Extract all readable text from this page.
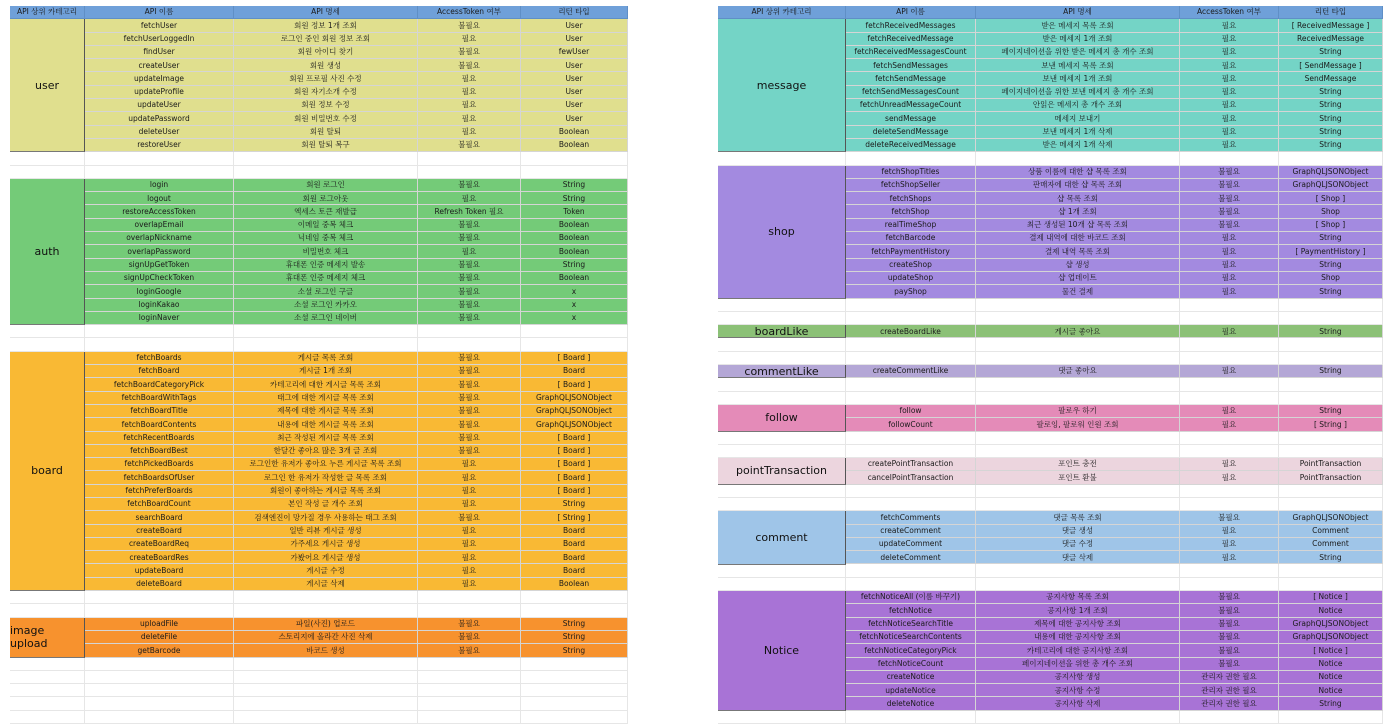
API 상위 카테고리	API 이름	API 명세	AccessToken 여부	리턴 타입
fetchUser	회원 정보 1개 조회	불필요	User
fetchUserLoggedIn	로그인 중인 회원 정보 조회	필요	User
findUser	회원 아이디 찾기	불필요	fewUser
createUser	회원 생성	불필요	User
updateImage	회원 프로필 사진 수정	필요	User
updateProfile	회원 자기소개 수정	필요	User
updateUser	회원 정보 수정	필요	User
updatePassword	회원 비밀번호 수정	필요	User
deleteUser	회원 탈퇴	필요	Boolean
restoreUser	회원 탈퇴 복구	불필요	Boolean
user
login	회원 로그인	불필요	String
logout	회원 로그아웃	필요	String
restoreAccessToken	엑세스 토큰 재발급	Refresh Token 필요	Token
overlapEmail	이메일 중복 체크	불필요	Boolean
overlapNickname	닉네임 중복 체크	불필요	Boolean
overlapPassword	비밀번호 체크	필요	Boolean
signUpGetToken	휴대폰 인증 메세지 발송	불필요	String
signUpCheckToken	휴대폰 인증 메세지 체크	불필요	Boolean
loginGoogle	소셜 로그인 구글	불필요	x
loginKakao	소셜 로그인 카카오	불필요	x
loginNaver	소셜 로그인 네이버	불필요	x
auth
fetchBoards	게시글 목록 조회	불필요	[ Board ]
fetchBoard	게시글 1개 조회	불필요	Board
fetchBoardCategoryPick	카테고리에 대한 게시글 목록 조회	불필요	[ Board ]
fetchBoardWithTags	태그에 대한 게시글 목록 조회	불필요	GraphQLJSONObject
fetchBoardTitle	제목에 대한 게시글 목록 조회	불필요	GraphQLJSONObject
fetchBoardContents	내용에 대한 게시글 목록 조회	불필요	GraphQLJSONObject
fetchRecentBoards	최근 작성된 게시글 목록 조회	불필요	[ Board ]
fetchBoardBest	한달간 좋아요 많은 3개 글 조회	불필요	[ Board ]
fetchPickedBoards	로그인한 유저가 좋아요 누른 게시글 목록 조회	필요	[ Board ]
fetchBoardsOfUser	로그인 한 유저가 작성한 글 목록 조회	필요	[ Board ]
fetchPreferBoards	회원이 좋아하는 게시글 목록 조회	필요	[ Board ]
fetchBoardCount	본인 작성 글 개수 조회	필요	String
searchBoard	검색엔진이 망가질 경우 사용하는 태그 조회	불필요	[ String ]
createBoard	일반 리뷰 게시글 생성	필요	Board
createBoardReq	가주세요 게시글 생성	필요	Board
createBoardRes	가봤어요 게시글 생성	필요	Board
updateBoard	게시글 수정	필요	Board
deleteBoard	게시글 삭제	필요	Boolean
board
uploadFile	파일(사진) 업로드	불필요	String
deleteFile	스토리지에 올라간 사진 삭제	불필요	String
getBarcode	바코드 생성	불필요	String
image upload
API 상위 카테고리	API 이름	API 명세	AccessToken 여부	리턴 타입
fetchReceivedMessages	받은 메세지 목록 조회	필요	[ ReceivedMessage ]
fetchReceivedMessage	받은 메세지 1개 조회	필요	ReceivedMessage
fetchReceivedMessagesCount	페이지네이션을 위한 받은 메세지 총 개수 조회	필요	String
fetchSendMessages	보낸 메세지 목록 조회	필요	[ SendMessage ]
fetchSendMessage	보낸 메세지 1개 조회	필요	SendMessage
fetchSendMessagesCount	페이지네이션을 위한 보낸 메세지 총 개수 조회	필요	String
fetchUnreadMessageCount	안읽은 메세지 총 개수 조회	필요	String
sendMessage	메세지 보내기	필요	String
deleteSendMessage	보낸 메세지 1개 삭제	필요	String
deleteReceivedMessage	받은 메세지 1개 삭제	필요	String
message
fetchShopTitles	상품 이름에 대한 샵 목록 조회	불필요	GraphQLJSONObject
fetchShopSeller	판매자에 대한 샵 목록 조회	불필요	GraphQLJSONObject
fetchShops	샵 목록 조회	불필요	[ Shop ]
fetchShop	샵 1개 조회	불필요	Shop
realTimeShop	최근 생성된 10개 샵 목록 조회	불필요	[ Shop ]
fetchBarcode	결제 내역에 대한 바코드 조회	필요	String
fetchPaymentHistory	결제 내역 목록 조회	필요	[ PaymentHistory ]
createShop	샵 생성	필요	String
updateShop	샵 업데이트	필요	Shop
payShop	물건 결제	필요	String
shop
createBoardLike	게시글 좋아요	필요	String
boardLike
createCommentLike	댓글 좋아요	필요	String
commentLike
follow	팔로우 하기	필요	String
followCount	팔로잉, 팔로워 인원 조회	필요	[ String ]
follow
createPointTransaction	포인트 충전	필요	PointTransaction
cancelPointTransaction	포인트 환불	필요	PointTransaction
pointTransaction
fetchComments	댓글 목록 조회	불필요	GraphQLJSONObject
createComment	댓글 생성	필요	Comment
updateComment	댓글 수정	필요	Comment
deleteComment	댓글 삭제	필요	String
comment
fetchNoticeAll (이름 바꾸기)	공지사항 목록 조회	불필요	[ Notice ]
fetchNotice	공지사항 1개 조회	불필요	Notice
fetchNoticeSearchTitle	제목에 대한 공지사항 조회	불필요	GraphQLJSONObject
fetchNoticeSearchContents	내용에 대한 공지사항 조회	불필요	GraphQLJSONObject
fetchNoticeCategoryPick	카테고리에 대한 공지사항 조회	불필요	[ Notice ]
fetchNoticeCount	페이지네이션을 위한 총 개수 조회	불필요	Notice
createNotice	공지사항 생성	관리자 권한 필요	Notice
updateNotice	공지사항 수정	관리자 권한 필요	Notice
deleteNotice	공지사항 삭제	관리자 권한 필요	String
Notice
